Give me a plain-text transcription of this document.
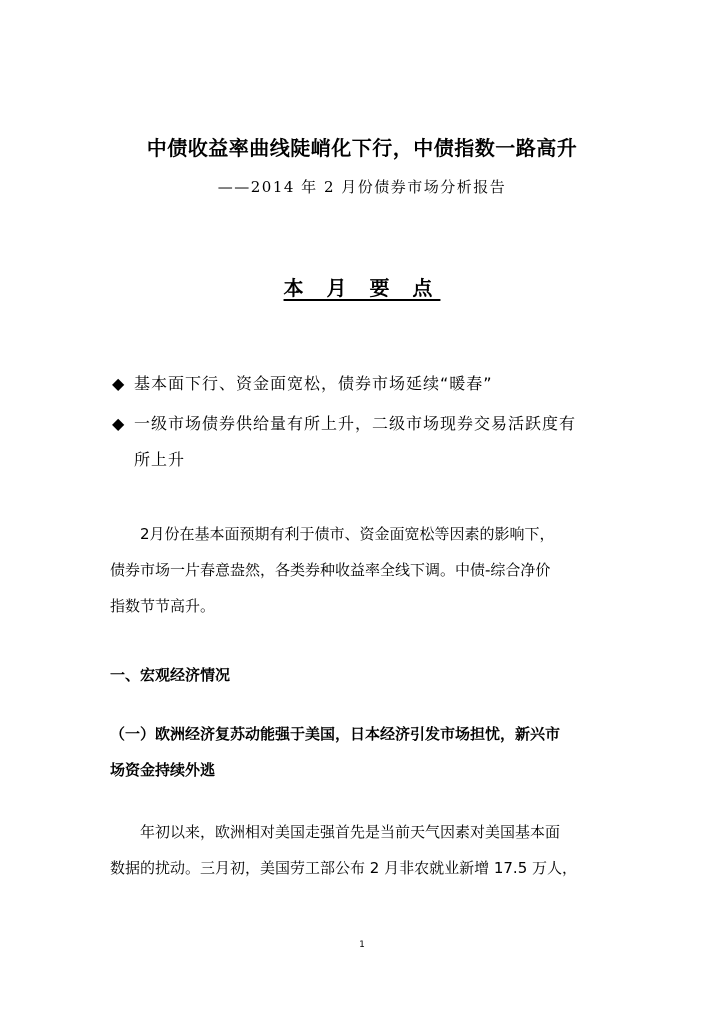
中债收益率曲线陡峭化下行，中债指数一路高升
——2014 年 2 月份债券市场分析报告
本 月 要 点
◆ 基本面下行、资金面宽松，债券市场延续“暖春”
◆ 一级市场债券供给量有所上升，二级市场现券交易活跃度有
所上升
2月份在基本面预期有利于债市、资金面宽松等因素的影响下，
债券市场一片春意盎然，各类券种收益率全线下调。中债-综合净价
指数节节高升。
一、宏观经济情况
（一）欧洲经济复苏动能强于美国，日本经济引发市场担忧，新兴市
场资金持续外逃
年初以来，欧洲相对美国走强首先是当前天气因素对美国基本面
数据的扰动。三月初，美国劳工部公布 2 月非农就业新增 17.5 万人，
1
